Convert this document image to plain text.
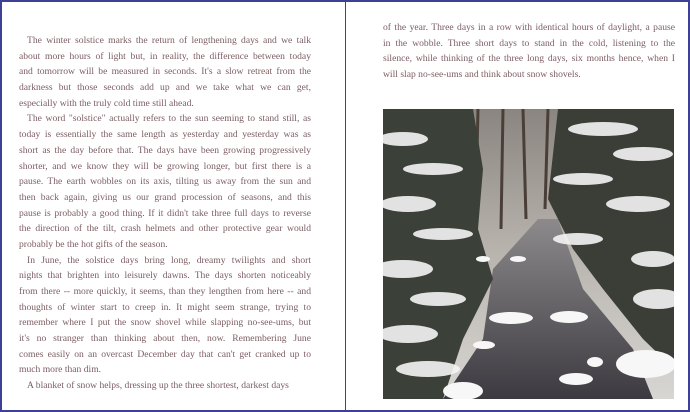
The winter solstice marks the return of lengthening days and we talk
about more hours of light but, in reality, the difference between today
and tomorrow will be measured in seconds. It's a slow retreat from the
darkness but those seconds add up and we take what we can get,
especially with the truly cold time still ahead.
The word "solstice" actually refers to the sun seeming to stand still, as
today is essentially the same length as yesterday and yesterday was as
short as the day before that. The days have been growing progressively
shorter, and we know they will be growing longer, but first there is a
pause. The earth wobbles on its axis, tilting us away from the sun and
then back again, giving us our grand procession of seasons, and this
pause is probably a good thing. If it didn't take three full days to reverse
the direction of the tilt, crash helmets and other protective gear would
probably be the hot gifts of the season.
In June, the solstice days bring long, dreamy twilights and short
nights that brighten into leisurely dawns. The days shorten noticeably
from there -- more quickly, it seems, than they lengthen from here -- and
thoughts of winter start to creep in. It might seem strange, trying to
remember where I put the snow shovel while slapping no-see-ums, but
it's no stranger than thinking about then, now. Remembering June
comes easily on an overcast December day that can't get cranked up to
much more than dim.
A blanket of snow helps, dressing up the three shortest, darkest days
of the year. Three days in a row with identical hours of daylight, a pause
in the wobble. Three short days to stand in the cold, listening to the
silence, while thinking of the three long days, six months hence, when I
will slap no-see-ums and think about snow shovels.
